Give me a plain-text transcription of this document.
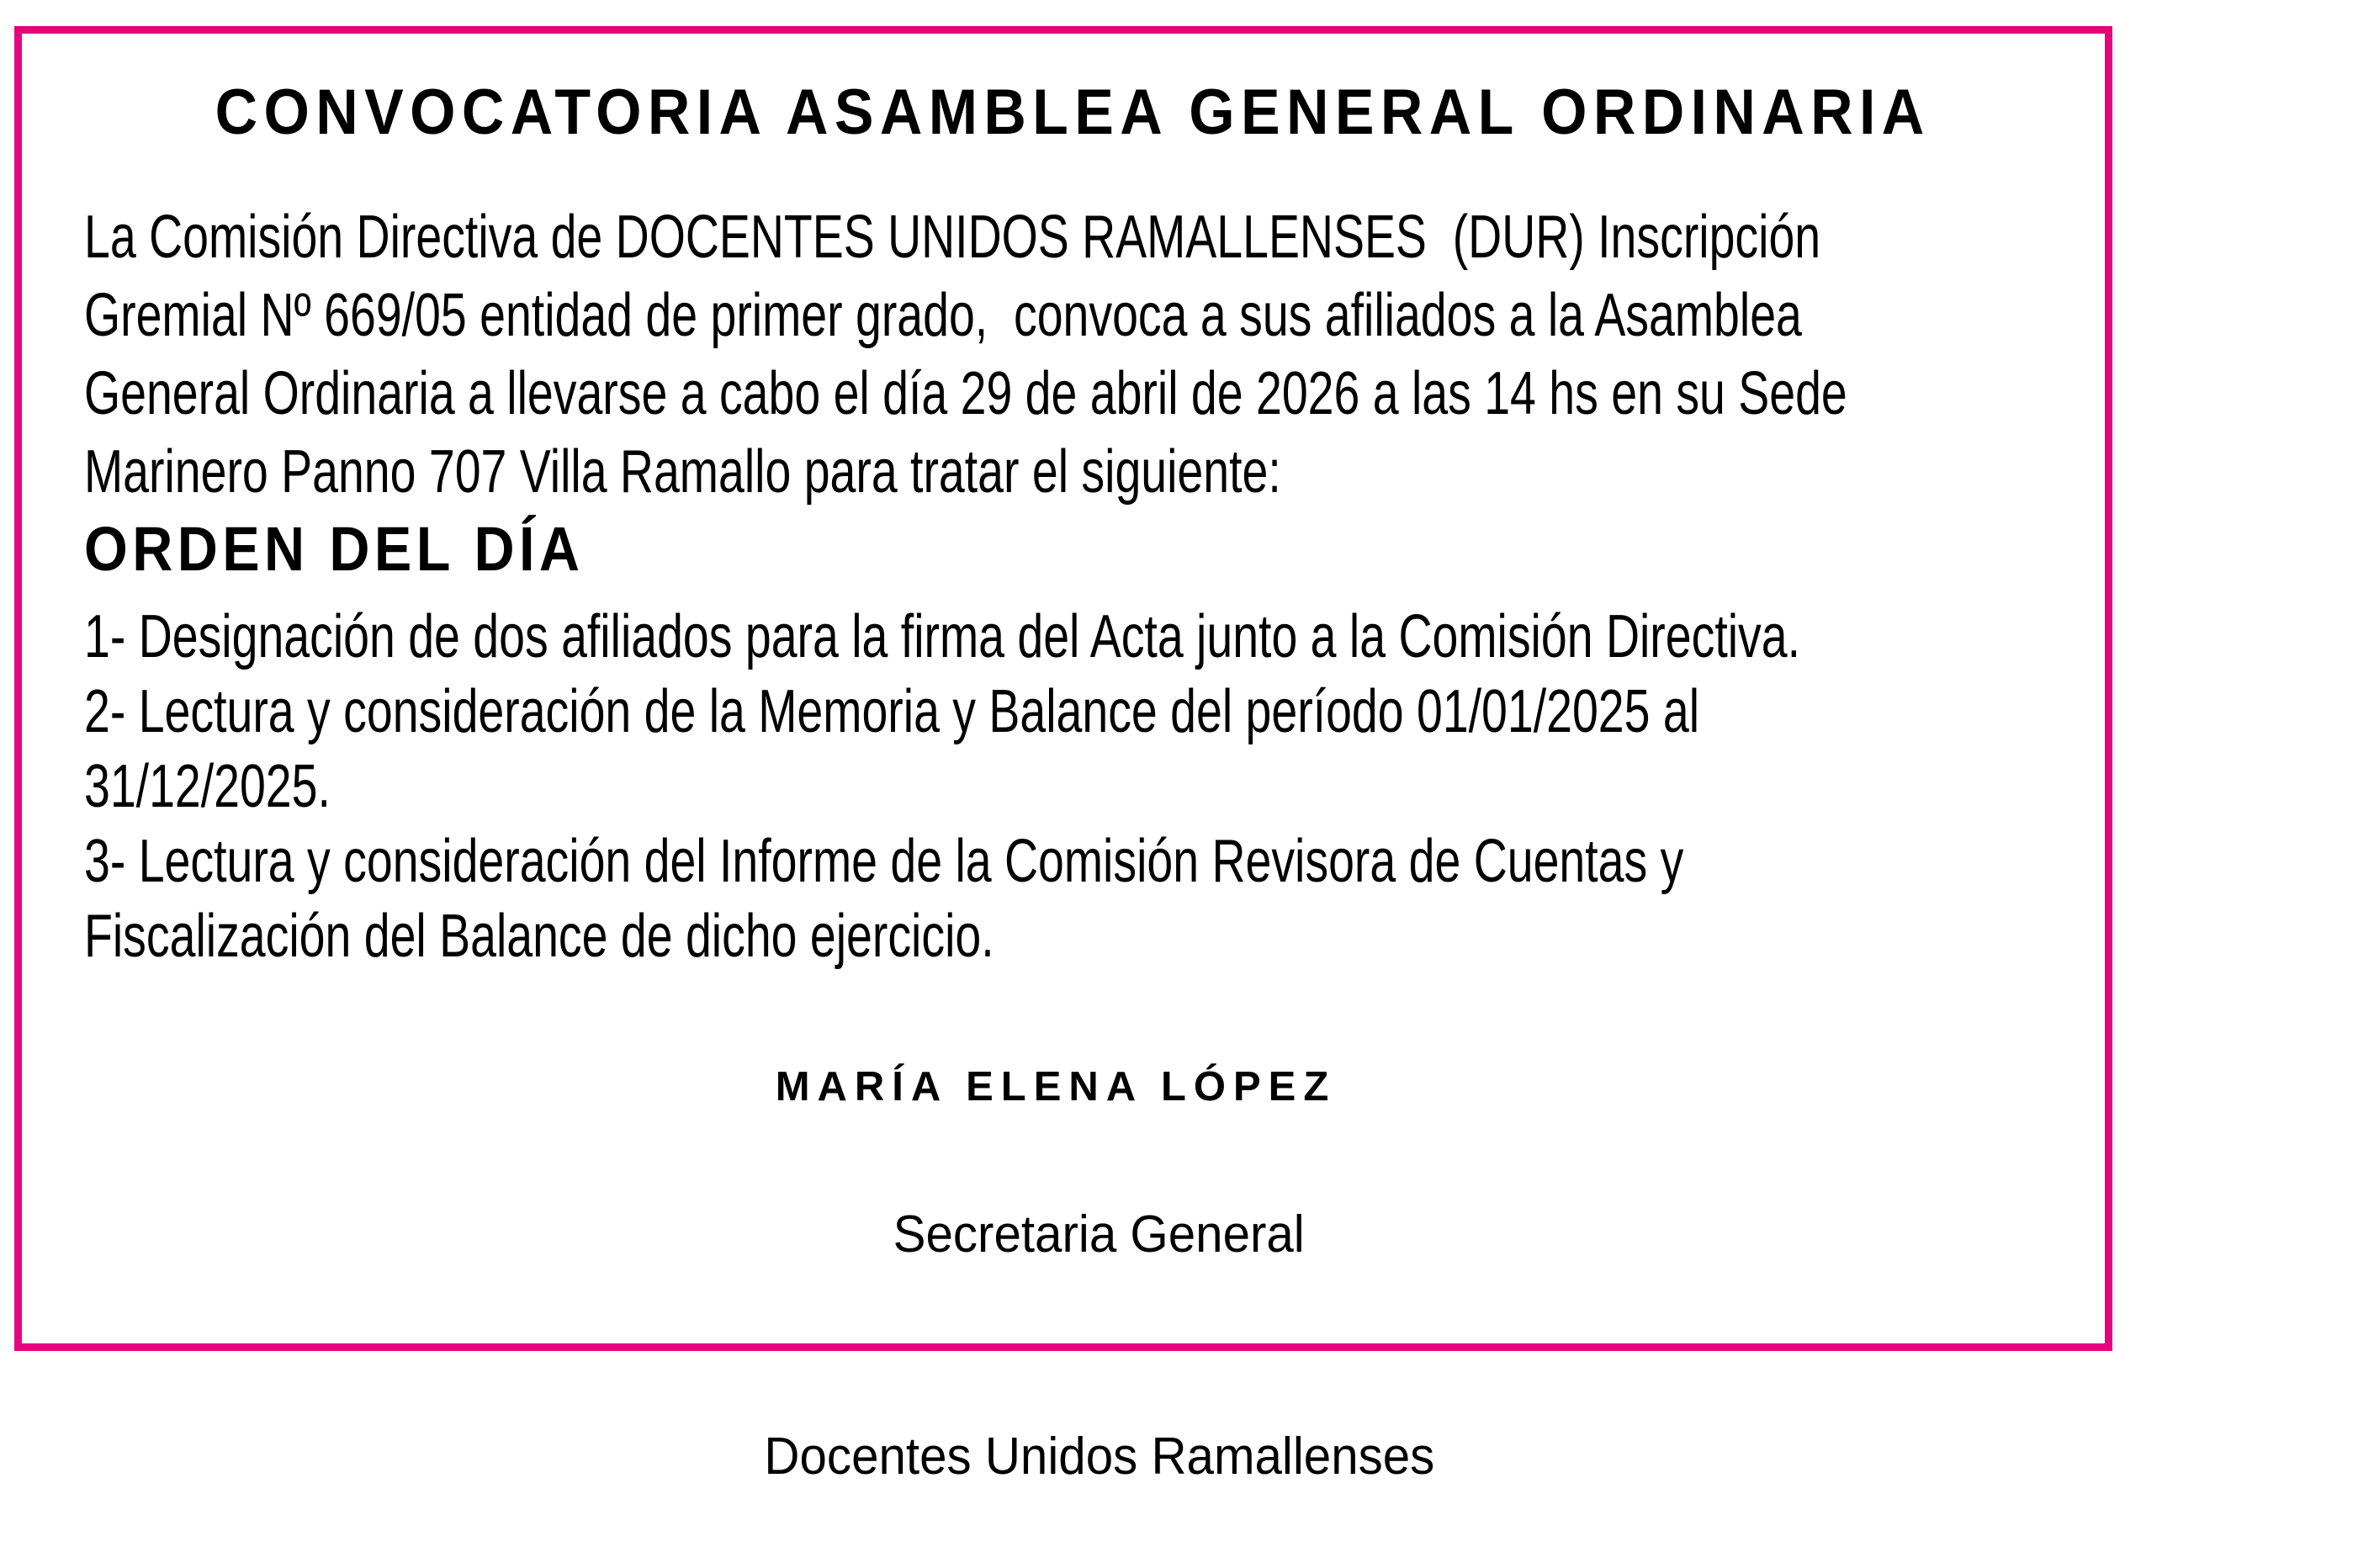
CONVOCATORIA ASAMBLEA GENERAL ORDINARIA
La Comisión Directiva de DOCENTES UNIDOS RAMALLENSES  (DUR) Inscripción
Gremial Nº 669/05 entidad de primer grado,  convoca a sus afiliados a la Asamblea
General Ordinaria a llevarse a cabo el día 29 de abril de 2026 a las 14 hs en su Sede
Marinero Panno 707 Villa Ramallo para tratar el siguiente:
ORDEN DEL DÍA
1- Designación de dos afiliados para la firma del Acta junto a la Comisión Directiva.
2- Lectura y consideración de la Memoria y Balance del período 01/01/2025 al
31/12/2025.
3- Lectura y consideración del Informe de la Comisión Revisora de Cuentas y
Fiscalización del Balance de dicho ejercicio.
MARÍA ELENA LÓPEZ

Secretaria General

Docentes Unidos Ramallenses
